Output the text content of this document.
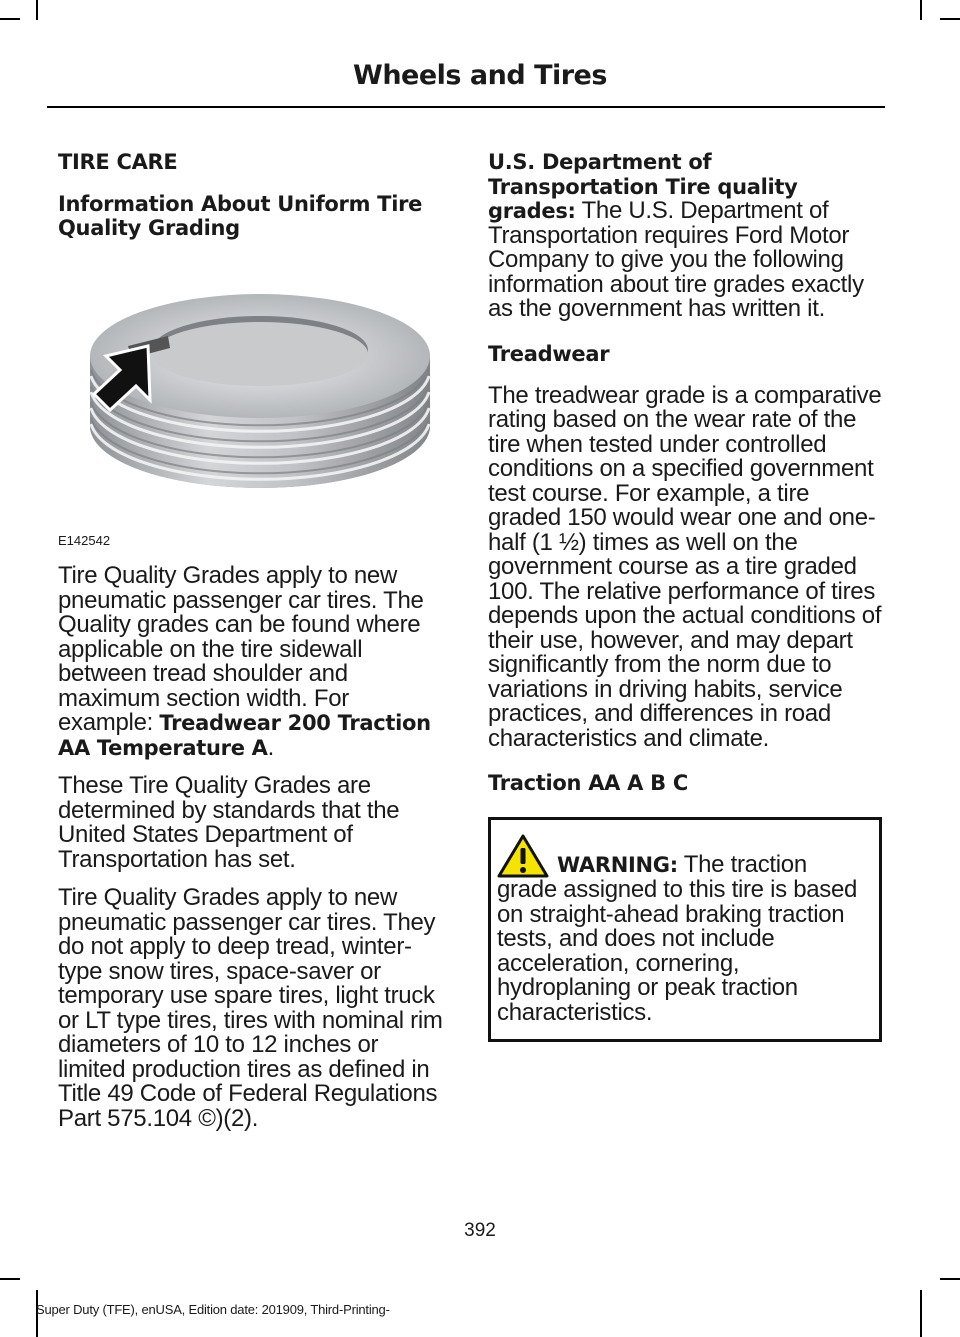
Wheels and Tires
TIRE CARE
Information About Uniform Tire Quality Grading
E142542

Tire Quality Grades apply to new pneumatic passenger car tires. The Quality grades can be found where applicable on the tire sidewall between tread shoulder and maximum section width. For example: Treadwear 200 Traction AA Temperature A.

These Tire Quality Grades are determined by standards that the United States Department of Transportation has set.

Tire Quality Grades apply to new pneumatic passenger car tires. They do not apply to deep tread, winter-type snow tires, space-saver or temporary use spare tires, light truck or LT type tires, tires with nominal rim diameters of 10 to 12 inches or limited production tires as defined in Title 49 Code of Federal Regulations Part 575.104 ©)(2).

U.S. Department of Transportation Tire quality grades: The U.S. Department of Transportation requires Ford Motor Company to give you the following information about tire grades exactly as the government has written it.

Treadwear

The treadwear grade is a comparative rating based on the wear rate of the tire when tested under controlled conditions on a specified government test course. For example, a tire graded 150 would wear one and one-half (1 ½) times as well on the government course as a tire graded 100. The relative performance of tires depends upon the actual conditions of their use, however, and may depart significantly from the norm due to variations in driving habits, service practices, and differences in road characteristics and climate.

Traction AA A B C

WARNING: The traction grade assigned to this tire is based on straight-ahead braking traction tests, and does not include acceleration, cornering, hydroplaning or peak traction characteristics.

392
Super Duty (TFE), enUSA, Edition date: 201909, Third-Printing-
